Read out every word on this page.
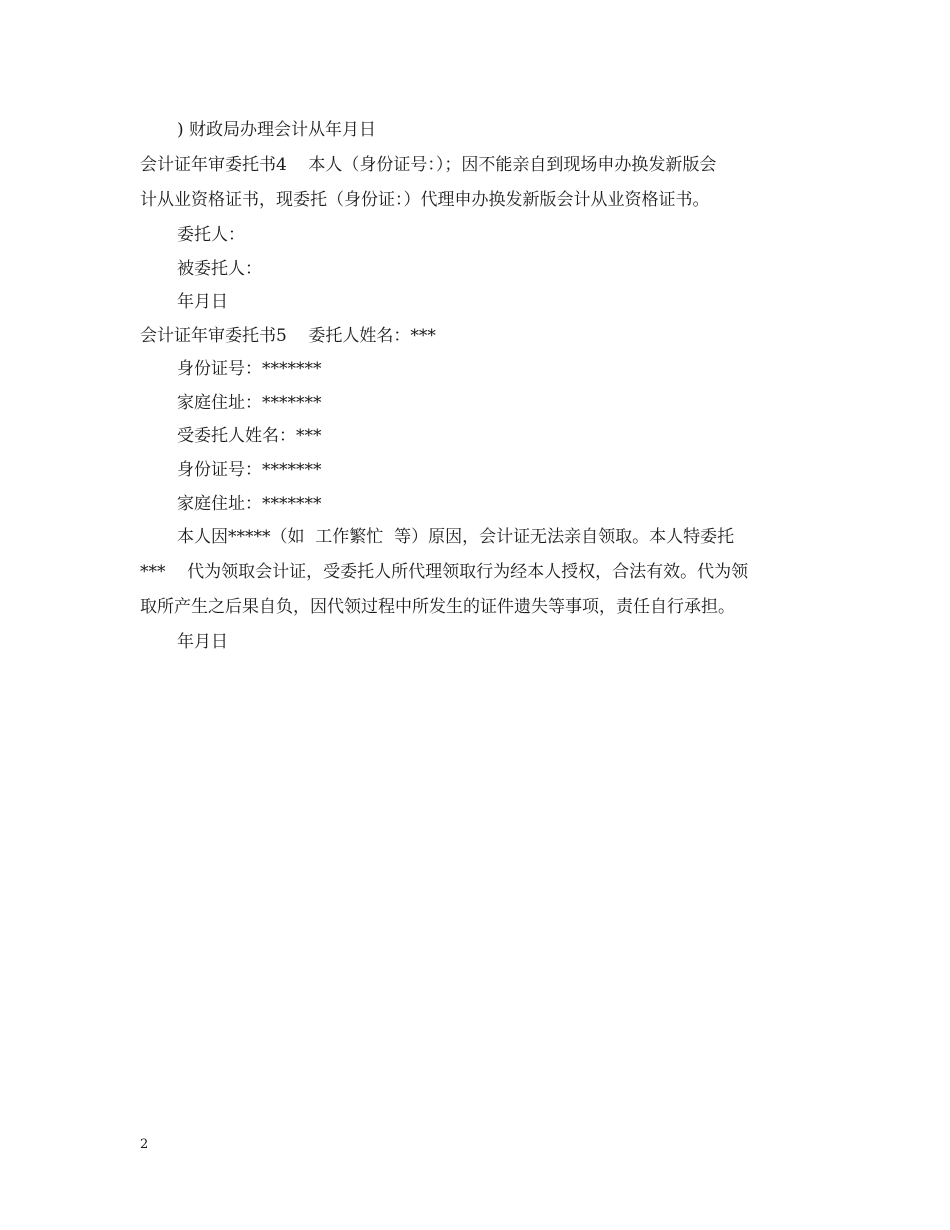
) 财政局办理会计从年月日
会计证年审委托书4    本人（身份证号：）；因不能亲自到现场申办换发新版会
计从业资格证书，现委托（身份证：）代理申办换发新版会计从业资格证书。
委托人：
被委托人：
年月日
会计证年审委托书5    委托人姓名：***
身份证号：*******
家庭住址：*******
受委托人姓名：***
身份证号：*******
家庭住址：*******
本人因*****（如  工作繁忙  等）原因，会计证无法亲自领取。本人特委托
***    代为领取会计证，受委托人所代理领取行为经本人授权，合法有效。代为领
取所产生之后果自负，因代领过程中所发生的证件遗失等事项，责任自行承担。
年月日
2
